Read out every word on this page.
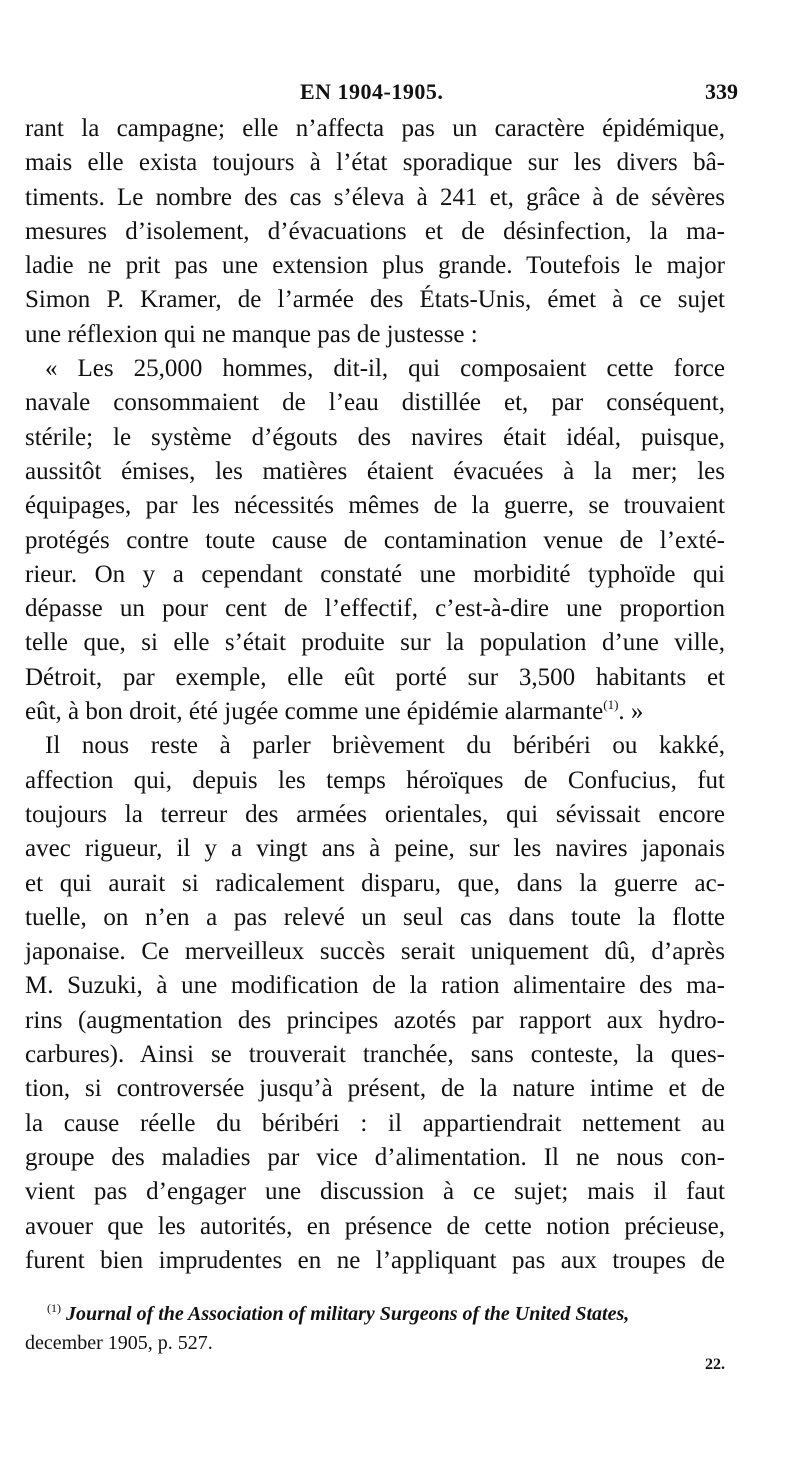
EN 1904-1905.	339
rant la campagne; elle n’affecta pas un caractère épidémique,
mais elle exista toujours à l’état sporadique sur les divers bâ-
timents. Le nombre des cas s’éleva à 241 et, grâce à de sévères
mesures d’isolement, d’évacuations et de désinfection, la ma-
ladie ne prit pas une extension plus grande. Toutefois le major
Simon P. Kramer, de l’armée des États-Unis, émet à ce sujet
une réflexion qui ne manque pas de justesse :
« Les 25,000 hommes, dit-il, qui composaient cette force
navale consommaient de l’eau distillée et, par conséquent,
stérile; le système d’égouts des navires était idéal, puisque,
aussitôt émises, les matières étaient évacuées à la mer; les
équipages, par les nécessités mêmes de la guerre, se trouvaient
protégés contre toute cause de contamination venue de l’exté-
rieur. On y a cependant constaté une morbidité typhoïde qui
dépasse un pour cent de l’effectif, c’est-à-dire une proportion
telle que, si elle s’était produite sur la population d’une ville,
Détroit, par exemple, elle eût porté sur 3,500 habitants et
eût, à bon droit, été jugée comme une épidémie alarmante$^{(1)}$. »
Il nous reste à parler brièvement du béribéri ou kakké,
affection qui, depuis les temps héroïques de Confucius, fut
toujours la terreur des armées orientales, qui sévissait encore
avec rigueur, il y a vingt ans à peine, sur les navires japonais
et qui aurait si radicalement disparu, que, dans la guerre ac-
tuelle, on n’en a pas relevé un seul cas dans toute la flotte
japonaise. Ce merveilleux succès serait uniquement dû, d’après
M. Suzuki, à une modification de la ration alimentaire des ma-
rins (augmentation des principes azotés par rapport aux hydro-
carbures). Ainsi se trouverait tranchée, sans conteste, la ques-
tion, si controversée jusqu’à présent, de la nature intime et de
la cause réelle du béribéri : il appartiendrait nettement au
groupe des maladies par vice d’alimentation. Il ne nous con-
vient pas d’engager une discussion à ce sujet; mais il faut
avouer que les autorités, en présence de cette notion précieuse,
furent bien imprudentes en ne l’appliquant pas aux troupes de
$^{(1)}$ Journal of the Association of military Surgeons of the United States,
december 1905, p. 527.
22.
